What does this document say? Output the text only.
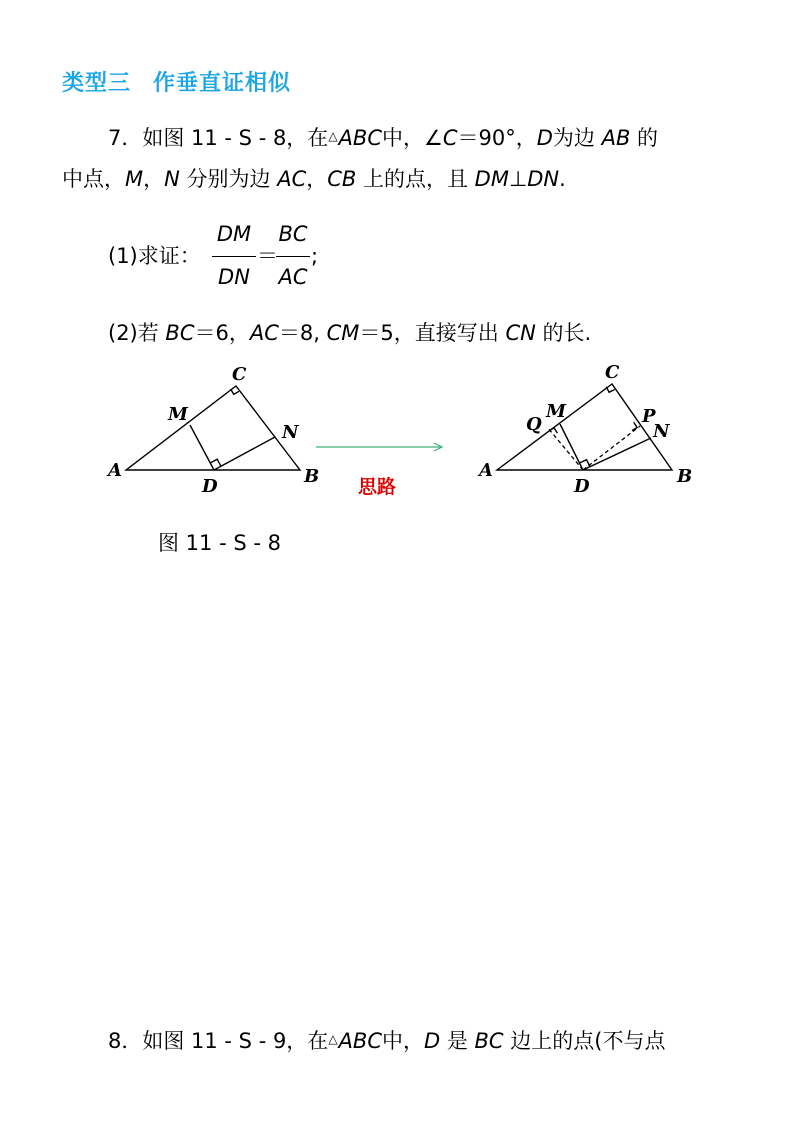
类型三 作垂直证相似
7．如图 11 - S - 8，在△ABC中，∠C＝90°，D为边 AB 的
中点，M，N 分别为边 AC，CB 上的点，且 DM⊥DN.
(1)求证：
DM
DN
＝
BC
AC
;
(2)若 BC＝6，AC＝8, CM＝5，直接写出 CN 的长.
A	B
C
D
M
N
思路
A	B
C
D
M
N
P
Q
图 11 - S - 8
8．如图 11 - S - 9，在△ABC中，D 是 BC 边上的点(不与点
